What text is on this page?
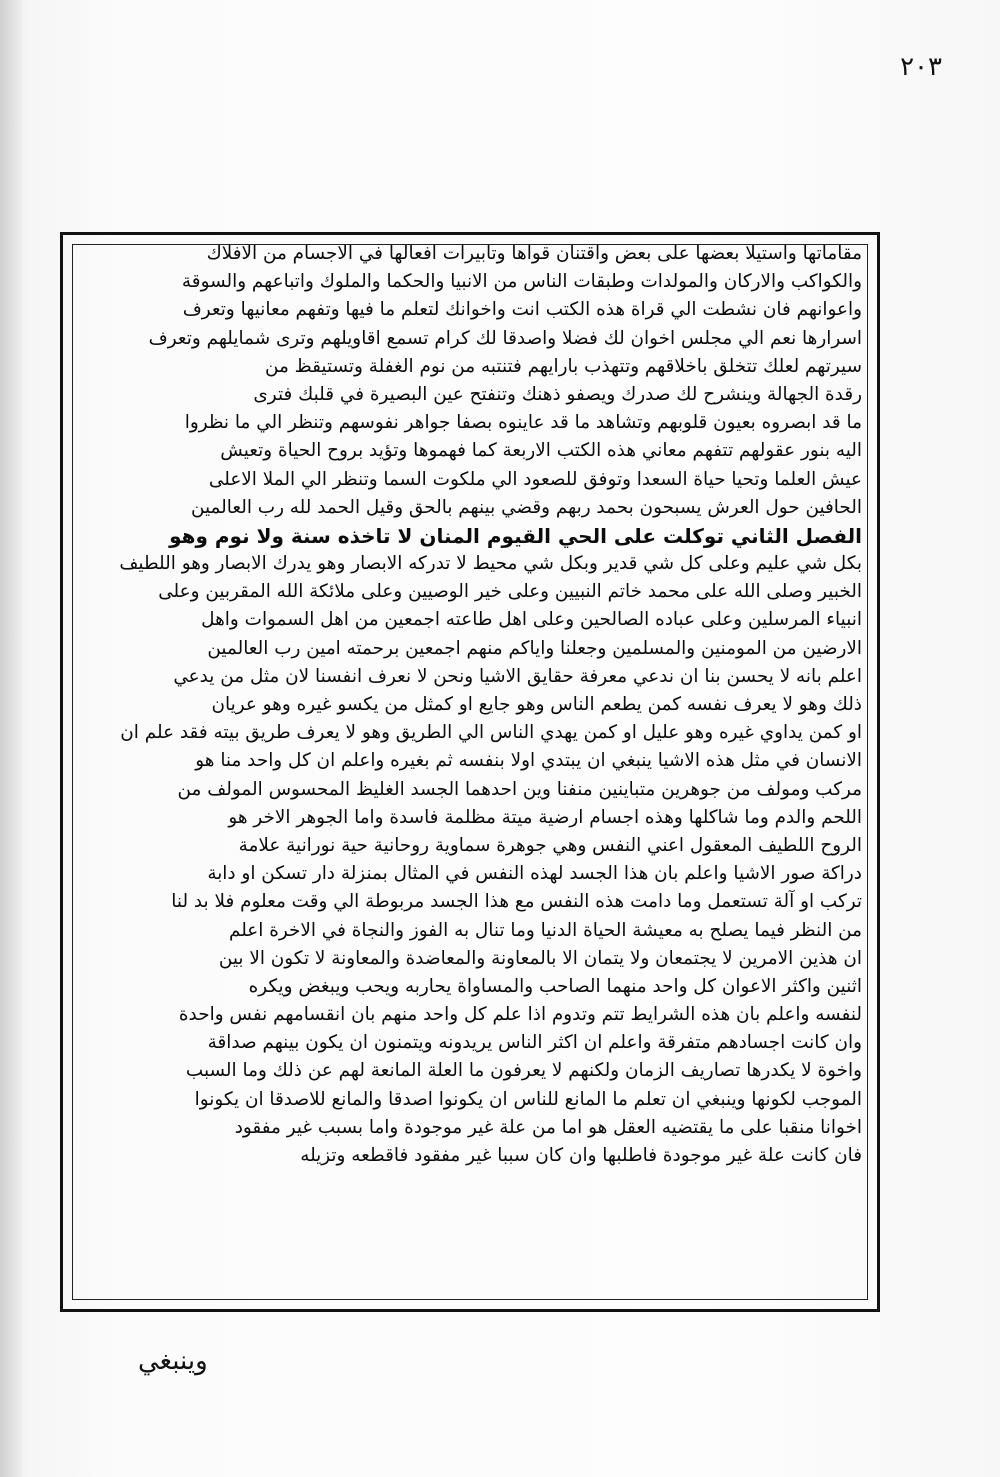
٢٠٣
مقاماتها واستيلا بعضها على بعض واقتنان قواها وتابيرات افعالها في الاجسام من الافلاك
والكواكب والاركان والمولدات وطبقات الناس من الانبيا والحكما والملوك واتباعهم والسوقة
واعوانهم فان نشطت الي قراة هذه الكتب انت واخوانك لتعلم ما فيها وتفهم معانيها وتعرف
اسرارها نعم الي مجلس اخوان لك فضلا واصدقا لك كرام تسمع اقاويلهم وترى شمايلهم وتعرف
سيرتهم لعلك تتخلق باخلاقهم وتتهذب بارايهم فتنتبه من نوم الغفلة وتستيقظ من
رقدة الجهالة وينشرح لك صدرك ويصفو ذهنك وتنفتح عين البصيرة في قلبك فترى
ما قد ابصروه بعيون قلوبهم وتشاهد ما قد عاينوه بصفا جواهر نفوسهم وتنظر الي ما نظروا
اليه بنور عقولهم تتفهم معاني هذه الكتب الاربعة كما فهموها وتؤيد بروح الحياة وتعيش
عيش العلما وتحيا حياة السعدا وتوفق للصعود الي ملكوت السما وتنظر الي الملا الاعلى
الحافين حول العرش يسبحون بحمد ربهم وقضي بينهم بالحق وقيل الحمد لله رب العالمين
الفصل الثاني توكلت على الحي القيوم المنان لا تاخذه سنة ولا نوم وهو
بكل شي عليم وعلى كل شي قدير وبكل شي محيط لا تدركه الابصار وهو يدرك الابصار وهو اللطيف
الخبير وصلى الله على محمد خاتم النبيين وعلى خير الوصيين وعلى ملائكة الله المقربين وعلى
انبياء المرسلين وعلى عباده الصالحين وعلى اهل طاعته اجمعين من اهل السموات واهل
الارضين من المومنين والمسلمين وجعلنا واياكم منهم اجمعين برحمته امين رب العالمين
اعلم بانه لا يحسن بنا ان ندعي معرفة حقايق الاشيا ونحن لا نعرف انفسنا لان مثل من يدعي
ذلك وهو لا يعرف نفسه كمن يطعم الناس وهو جايع او كمثل من يكسو غيره وهو عريان
او كمن يداوي غيره وهو عليل او كمن يهدي الناس الي الطريق وهو لا يعرف طريق بيته فقد علم ان
الانسان في مثل هذه الاشيا ينبغي ان يبتدي اولا بنفسه ثم بغيره واعلم ان كل واحد منا هو
مركب ومولف من جوهرين متباينين منفنا وين احدهما الجسد الغليظ المحسوس المولف من
اللحم والدم وما شاكلها وهذه اجسام ارضية ميتة مظلمة فاسدة واما الجوهر الاخر هو
الروح اللطيف المعقول اعني النفس وهي جوهرة سماوية روحانية حية نورانية علامة
دراكة صور الاشيا واعلم بان هذا الجسد لهذه النفس في المثال بمنزلة دار تسكن او دابة
تركب او آلة تستعمل وما دامت هذه النفس مع هذا الجسد مربوطة الي وقت معلوم فلا بد لنا
من النظر فيما يصلح به معيشة الحياة الدنيا وما تنال به الفوز والنجاة في الاخرة اعلم
ان هذين الامرين لا يجتمعان ولا يتمان الا بالمعاونة والمعاضدة والمعاونة لا تكون الا بين
اثنين واكثر الاعوان كل واحد منهما الصاحب والمساواة يحاربه ويحب ويبغض ويكره
لنفسه واعلم بان هذه الشرايط تتم وتدوم اذا علم كل واحد منهم بان انقسامهم نفس واحدة
وان كانت اجسادهم متفرقة واعلم ان اكثر الناس يريدونه ويتمنون ان يكون بينهم صداقة
واخوة لا يكدرها تصاريف الزمان ولكنهم لا يعرفون ما العلة المانعة لهم عن ذلك وما السبب
الموجب لكونها وينبغي ان تعلم ما المانع للناس ان يكونوا اصدقا والمانع للاصدقا ان يكونوا
اخوانا منقبا على ما يقتضيه العقل هو اما من علة غير موجودة واما بسبب غير مفقود
فان كانت علة غير موجودة فاطلبها وان كان سببا غير مفقود فاقطعه وتزيله
وينبغي
